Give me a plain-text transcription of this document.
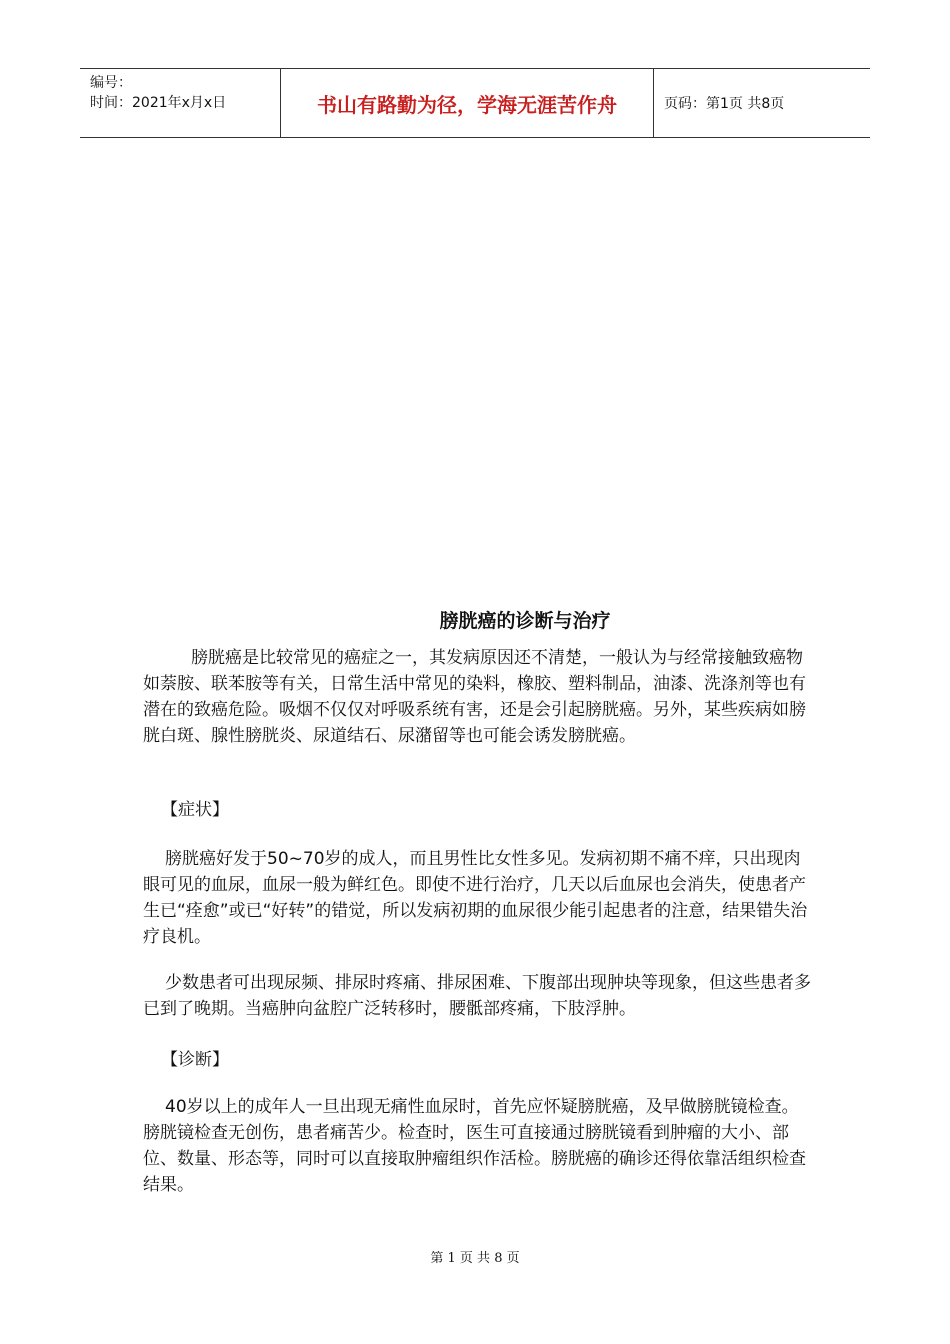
编号：
时间：2021年x月x日	书山有路勤为径，学海无涯苦作舟	页码：第1页 共8页
膀胱癌的诊断与治疗

膀胱癌是比较常见的癌症之一，其发病原因还不清楚，一般认为与经常接触致癌物如萘胺、联苯胺等有关，日常生活中常见的染料，橡胶、塑料制品，油漆、洗涤剂等也有潜在的致癌危险。吸烟不仅仅对呼吸系统有害，还是会引起膀胱癌。另外，某些疾病如膀胱白斑、腺性膀胱炎、尿道结石、尿潴留等也可能会诱发膀胱癌。

【症状】

膀胱癌好发于50~70岁的成人，而且男性比女性多见。发病初期不痛不痒，只出现肉眼可见的血尿，血尿一般为鲜红色。即使不进行治疗，几天以后血尿也会消失，使患者产生已“痊愈”或已“好转”的错觉，所以发病初期的血尿很少能引起患者的注意，结果错失治疗良机。

少数患者可出现尿频、排尿时疼痛、排尿困难、下腹部出现肿块等现象，但这些患者多已到了晚期。当癌肿向盆腔广泛转移时，腰骶部疼痛，下肢浮肿。

【诊断】

40岁以上的成年人一旦出现无痛性血尿时，首先应怀疑膀胱癌，及早做膀胱镜检查。膀胱镜检查无创伤，患者痛苦少。检查时，医生可直接通过膀胱镜看到肿瘤的大小、部位、数量、形态等，同时可以直接取肿瘤组织作活检。膀胱癌的确诊还得依靠活组织检查结果。

第 1 页 共 8 页
